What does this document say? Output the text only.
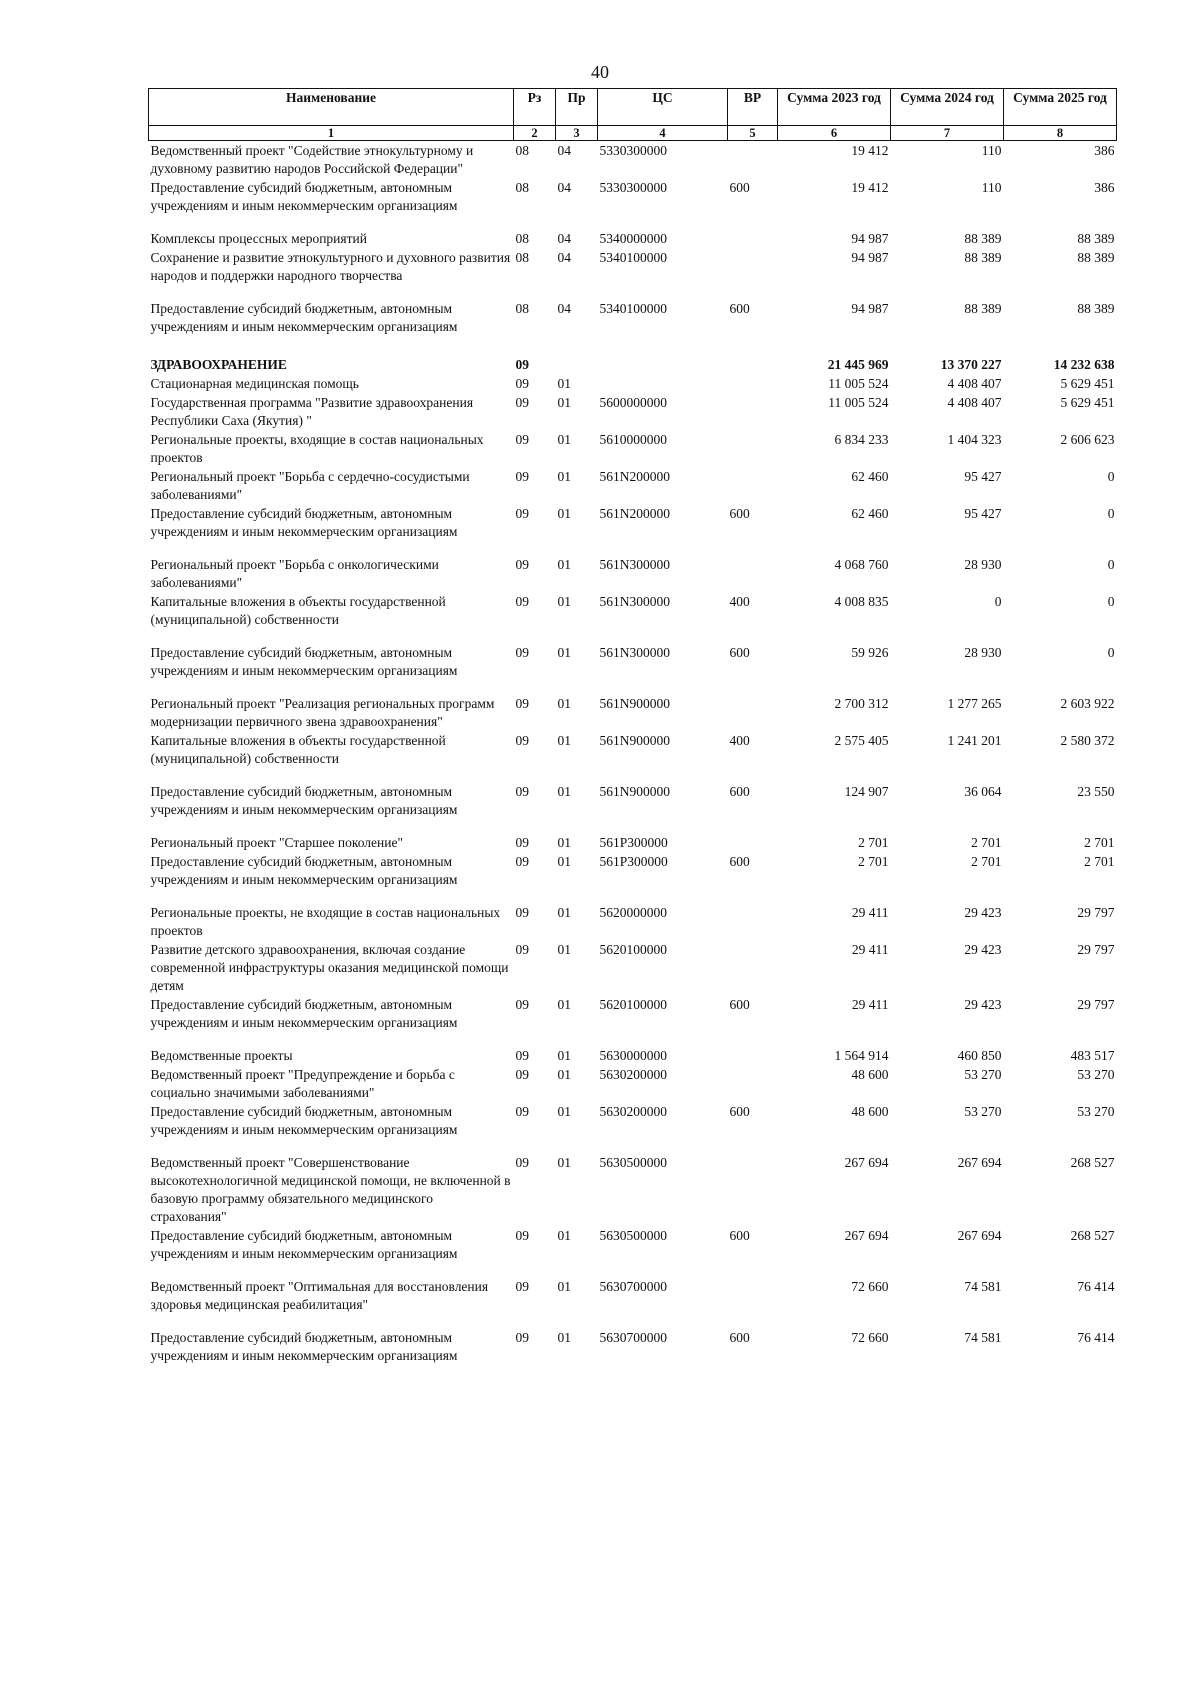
40
Наименование	Рз	Пр	ЦС	ВР	Сумма 2023 год	Сумма 2024 год	Сумма 2025 год
1	2	3	4	5	6	7	8
Ведомственный проект "Содействие этнокультурному и духовному развитию народов Российской Федерации"	08	04	5330300000		19 412	110	386
Предоставление субсидий бюджетным, автономным учреждениям и иным некоммерческим организациям	08	04	5330300000	600	19 412	110	386
Комплексы процессных мероприятий	08	04	5340000000		94 987	88 389	88 389
Сохранение и развитие этнокультурного и духовного развития народов и поддержки народного творчества	08	04	5340100000		94 987	88 389	88 389
Предоставление субсидий бюджетным, автономным учреждениям и иным некоммерческим организациям	08	04	5340100000	600	94 987	88 389	88 389
ЗДРАВООХРАНЕНИЕ	09				21 445 969	13 370 227	14 232 638
Стационарная медицинская помощь	09	01			11 005 524	4 408 407	5 629 451
Государственная программа "Развитие здравоохранения Республики Саха (Якутия) "	09	01	5600000000		11 005 524	4 408 407	5 629 451
Региональные проекты, входящие в состав национальных проектов	09	01	5610000000		6 834 233	1 404 323	2 606 623
Региональный проект "Борьба с сердечно-сосудистыми заболеваниями"	09	01	561N200000		62 460	95 427	0
Предоставление субсидий бюджетным, автономным учреждениям и иным некоммерческим организациям	09	01	561N200000	600	62 460	95 427	0
Региональный проект "Борьба с онкологическими заболеваниями"	09	01	561N300000		4 068 760	28 930	0
Капитальные вложения в объекты государственной (муниципальной) собственности	09	01	561N300000	400	4 008 835	0	0
Предоставление субсидий бюджетным, автономным учреждениям и иным некоммерческим организациям	09	01	561N300000	600	59 926	28 930	0
Региональный проект "Реализация региональных программ модернизации первичного звена здравоохранения"	09	01	561N900000		2 700 312	1 277 265	2 603 922
Капитальные вложения в объекты государственной (муниципальной) собственности	09	01	561N900000	400	2 575 405	1 241 201	2 580 372
Предоставление субсидий бюджетным, автономным учреждениям и иным некоммерческим организациям	09	01	561N900000	600	124 907	36 064	23 550
Региональный проект "Старшее поколение"	09	01	561P300000		2 701	2 701	2 701
Предоставление субсидий бюджетным, автономным учреждениям и иным некоммерческим организациям	09	01	561P300000	600	2 701	2 701	2 701
Региональные проекты, не входящие в состав национальных проектов	09	01	5620000000		29 411	29 423	29 797
Развитие детского здравоохранения, включая создание современной инфраструктуры оказания медицинской помощи детям	09	01	5620100000		29 411	29 423	29 797
Предоставление субсидий бюджетным, автономным учреждениям и иным некоммерческим организациям	09	01	5620100000	600	29 411	29 423	29 797
Ведомственные проекты	09	01	5630000000		1 564 914	460 850	483 517
Ведомственный проект "Предупреждение и борьба с социально значимыми заболеваниями"	09	01	5630200000		48 600	53 270	53 270
Предоставление субсидий бюджетным, автономным учреждениям и иным некоммерческим организациям	09	01	5630200000	600	48 600	53 270	53 270
Ведомственный проект "Совершенствование высокотехнологичной медицинской помощи, не включенной в базовую программу обязательного медицинского страхования"	09	01	5630500000		267 694	267 694	268 527
Предоставление субсидий бюджетным, автономным учреждениям и иным некоммерческим организациям	09	01	5630500000	600	267 694	267 694	268 527
Ведомственный проект "Оптимальная для восстановления здоровья медицинская реабилитация"	09	01	5630700000		72 660	74 581	76 414
Предоставление субсидий бюджетным, автономным учреждениям и иным некоммерческим организациям	09	01	5630700000	600	72 660	74 581	76 414
